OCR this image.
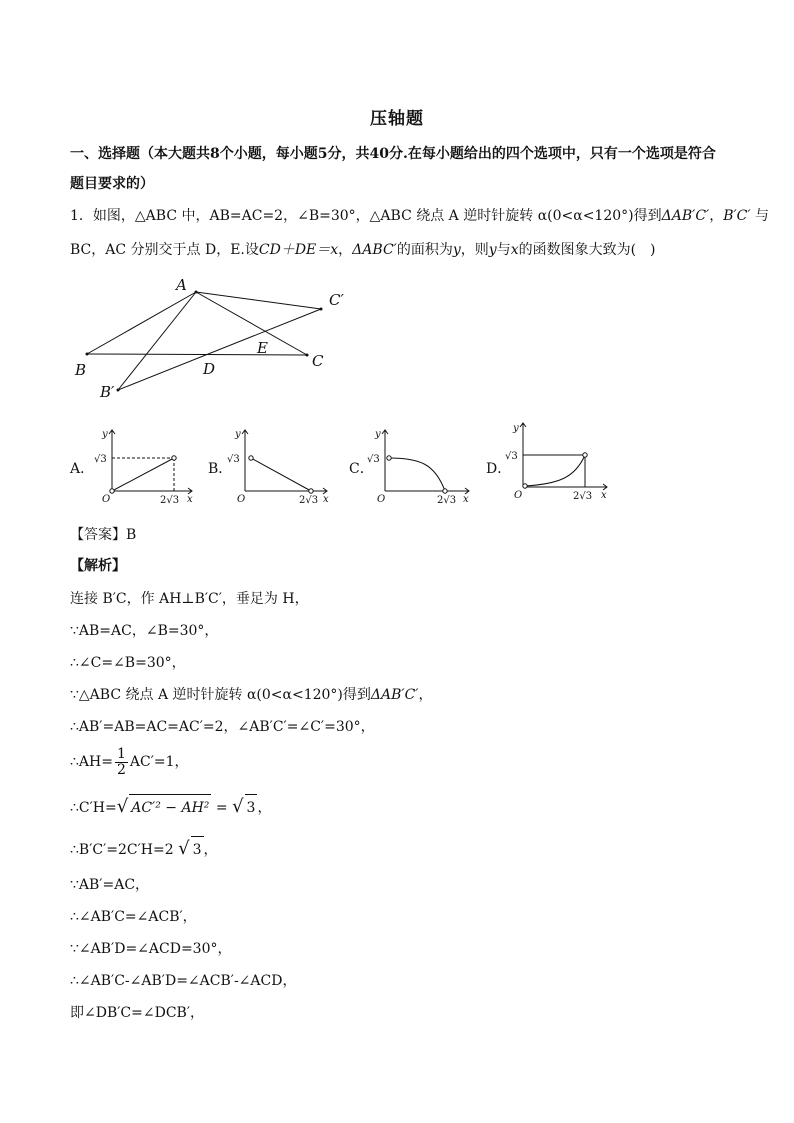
压轴题
一、选择题（本大题共8个小题，每小题5分，共40分.在每小题给出的四个选项中，只有一个选项是符合
题目要求的）
1．如图，△ABC 中，AB=AC=2，∠B=30°，△ABC 绕点 A 逆时针旋转 α(0<α<120°)得到ΔAB′C′，B′C′ 与
BC，AC 分别交于点 D，E.设CD＋DE＝x，ΔABC′的面积为y，则y与x的函数图象大致为(　)
A
B	C
C′
B′
D
E
A．
y
√3
O	2√3 x
B．
y
√3
O	2√3 x
C．
y
√3
O	2√3 x
D．
y
√3
O	2√3 x
【答案】B
【解析】
连接 B′C，作 AH⊥B′C′，垂足为 H，
∵AB=AC，∠B=30°，
∴∠C=∠B=30°，
∵△ABC 绕点 A 逆时针旋转 α(0<α<120°)得到ΔAB′C′，
∴AB′=AB=AC=AC′=2，∠AB′C′=∠C′=30°，
∴AH= $\frac{1}{2} AC'=1$，
∴C′H=√ AC′² − AH² = √ 3 ，
∴B′C′=2C′H=2 √ 3 ，
∵AB′=AC，
∴∠AB′C=∠ACB′，
∵∠AB′D=∠ACD=30°，
∴∠AB′C-∠AB′D=∠ACB′-∠ACD，
即∠DB′C=∠DCB′，
